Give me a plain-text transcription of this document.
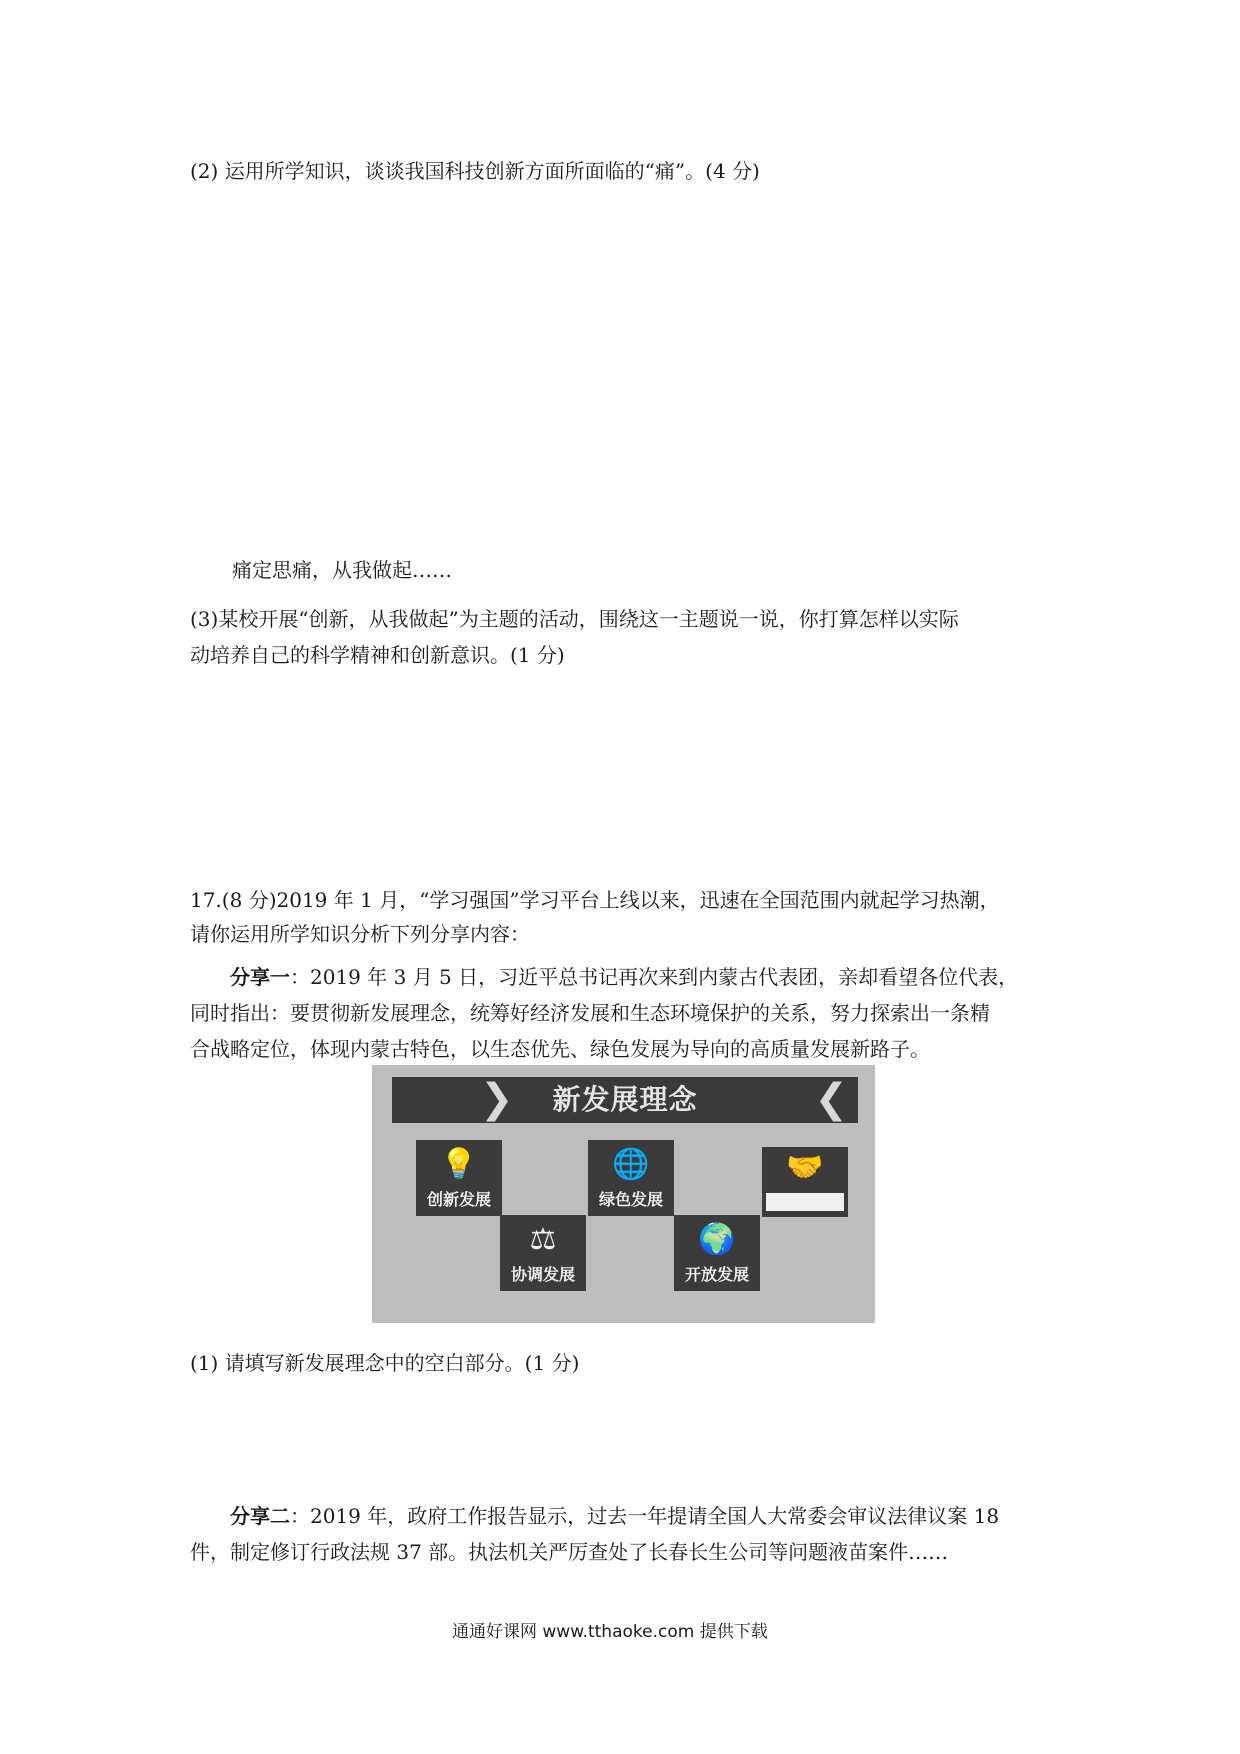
(2) 运用所学知识，谈谈我国科技创新方面所面临的“痛”。(4 分)
痛定思痛，从我做起……
(3)某校开展“创新，从我做起”为主题的活动，围绕这一主题说一说，你打算怎样以实际
动培养自己的科学精神和创新意识。(1 分)
17.(8 分)2019 年 1 月，“学习强国”学习平台上线以来，迅速在全国范围内就起学习热潮，
请你运用所学知识分析下列分享内容：
分享一：2019 年 3 月 5 日，习近平总书记再次来到内蒙古代表团，亲却看望各位代表，
同时指出：要贯彻新发展理念，统筹好经济发展和生态环境保护的关系，努力探索出一条精
合战略定位，体现内蒙古特色，以生态优先、绿色发展为导向的高质量发展新路子。
❯	新发展理念	❮
💡
创新发展
⚖
协调发展
🌐
绿色发展
🌍
开放发展
🤝
(1) 请填写新发展理念中的空白部分。(1 分)
分享二：2019 年，政府工作报告显示，过去一年提请全国人大常委会审议法律议案 18
件，制定修订行政法规 37 部。执法机关严厉查处了长春长生公司等问题液苗案件……
通通好课网 www.tthaoke.com 提供下载
